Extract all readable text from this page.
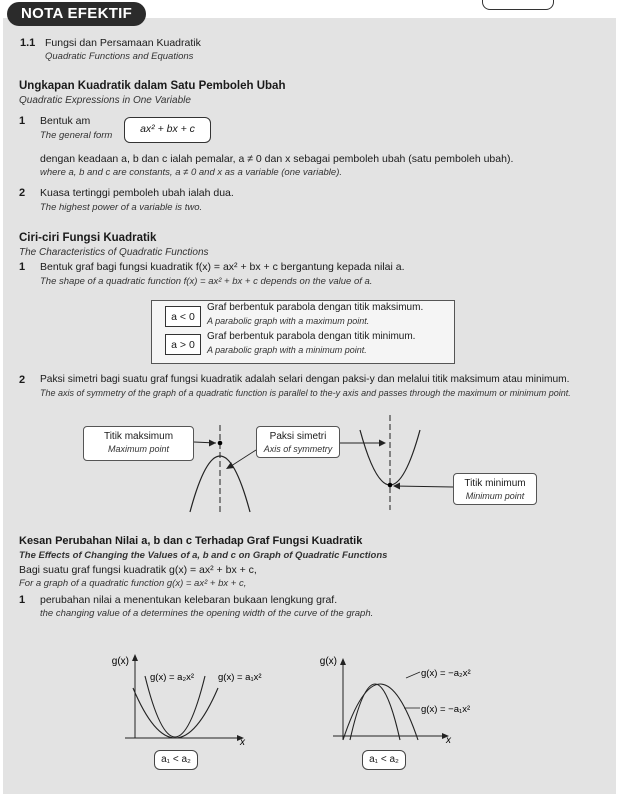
NOTA EFEKTIF
1.1 Fungsi dan Persamaan Kuadratik
Quadratic Functions and Equations
Ungkapan Kuadratik dalam Satu Pemboleh Ubah
Quadratic Expressions in One Variable
1 Bentuk am
The general form
ax² + bx + c
dengan keadaan a, b dan c ialah pemalar, a ≠ 0 dan x sebagai pemboleh ubah (satu pemboleh ubah).
where a, b and c are constants, a ≠ 0 and x as a variable (one variable).
2 Kuasa tertinggi pemboleh ubah ialah dua.
The highest power of a variable is two.
Ciri-ciri Fungsi Kuadratik
The Characteristics of Quadratic Functions
1 Bentuk graf bagi fungsi kuadratik f(x) = ax² + bx + c bergantung kepada nilai a.
The shape of a quadratic function f(x) = ax² + bx + c depends on the value of a.
a < 0
Graf berbentuk parabola dengan titik maksimum.
A parabolic graph with a maximum point.
a > 0
Graf berbentuk parabola dengan titik minimum.
A parabolic graph with a minimum point.
2 Paksi simetri bagi suatu graf fungsi kuadratik adalah selari dengan paksi-y dan melalui titik maksimum atau minimum.
The axis of symmetry of the graph of a quadratic function is parallel to the-y axis and passes through the maximum or minimum point.
Titik maksimum
Maximum point
Paksi simetri
Axis of symmetry
Titik minimum
Minimum point
Kesan Perubahan Nilai a, b dan c Terhadap Graf Fungsi Kuadratik
The Effects of Changing the Values of a, b and c on Graph of Quadratic Functions
Bagi suatu graf fungsi kuadratik g(x) = ax² + bx + c,
For a graph of a quadratic function g(x) = ax² + bx + c,
1 perubahan nilai a menentukan kelebaran bukaan lengkung graf.
the changing value of a determines the opening width of the curve of the graph.
g(x)
x
g(x) = a₂x²	g(x) = a₁x²
g(x)
x
g(x) = −a₂x²
g(x) = −a₁x²
a₁ < a₂	a₁ < a₂
